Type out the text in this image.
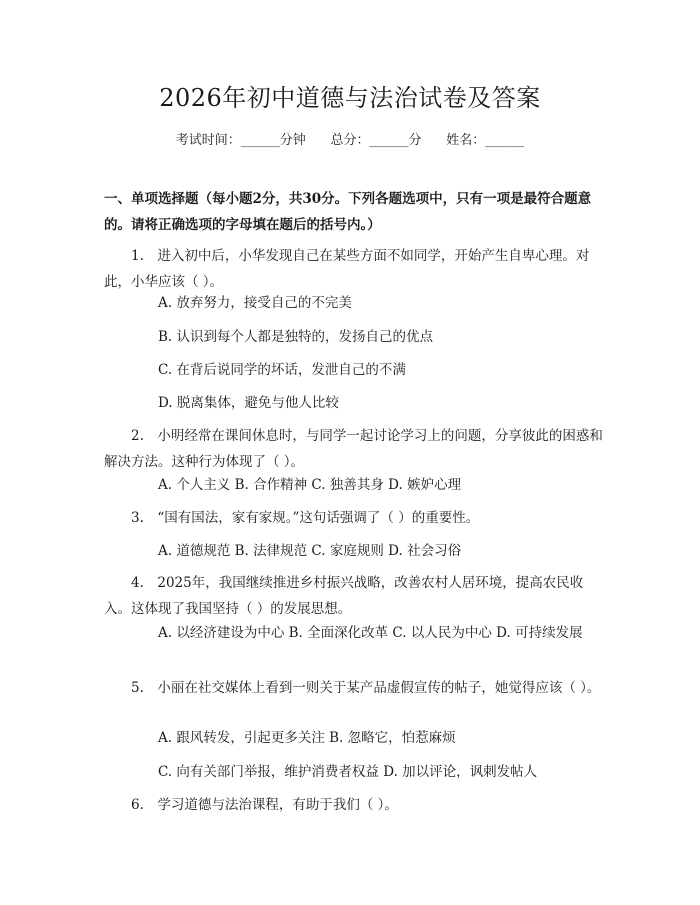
2026年初中道德与法治试卷及答案
考试时间：______分钟      总分：______分      姓名：______
一、单项选择题（每小题2分，共30分。下列各题选项中，只有一项是最符合题意的。请将正确选项的字母填在题后的括号内。）
1.　进入初中后，小华发现自己在某些方面不如同学，开始产生自卑心理。对此，小华应该（ ）。
A. 放弃努力，接受自己的不完美
B. 认识到每个人都是独特的，发扬自己的优点
C. 在背后说同学的坏话，发泄自己的不满
D. 脱离集体，避免与他人比较
2.　小明经常在课间休息时，与同学一起讨论学习上的问题，分享彼此的困惑和解决方法。这种行为体现了（ ）。
A. 个人主义 B. 合作精神 C. 独善其身 D. 嫉妒心理
3.　“国有国法，家有家规。”这句话强调了（ ）的重要性。
A. 道德规范 B. 法律规范 C. 家庭规则 D. 社会习俗
4.　2025年，我国继续推进乡村振兴战略，改善农村人居环境，提高农民收入。这体现了我国坚持（ ）的发展思想。
A. 以经济建设为中心 B. 全面深化改革 C. 以人民为中心 D. 可持续发展
5.　小丽在社交媒体上看到一则关于某产品虚假宣传的帖子，她觉得应该（ ）。
A. 跟风转发，引起更多关注 B. 忽略它，怕惹麻烦
C. 向有关部门举报，维护消费者权益 D. 加以评论，讽刺发帖人
6.　学习道德与法治课程，有助于我们（ ）。
